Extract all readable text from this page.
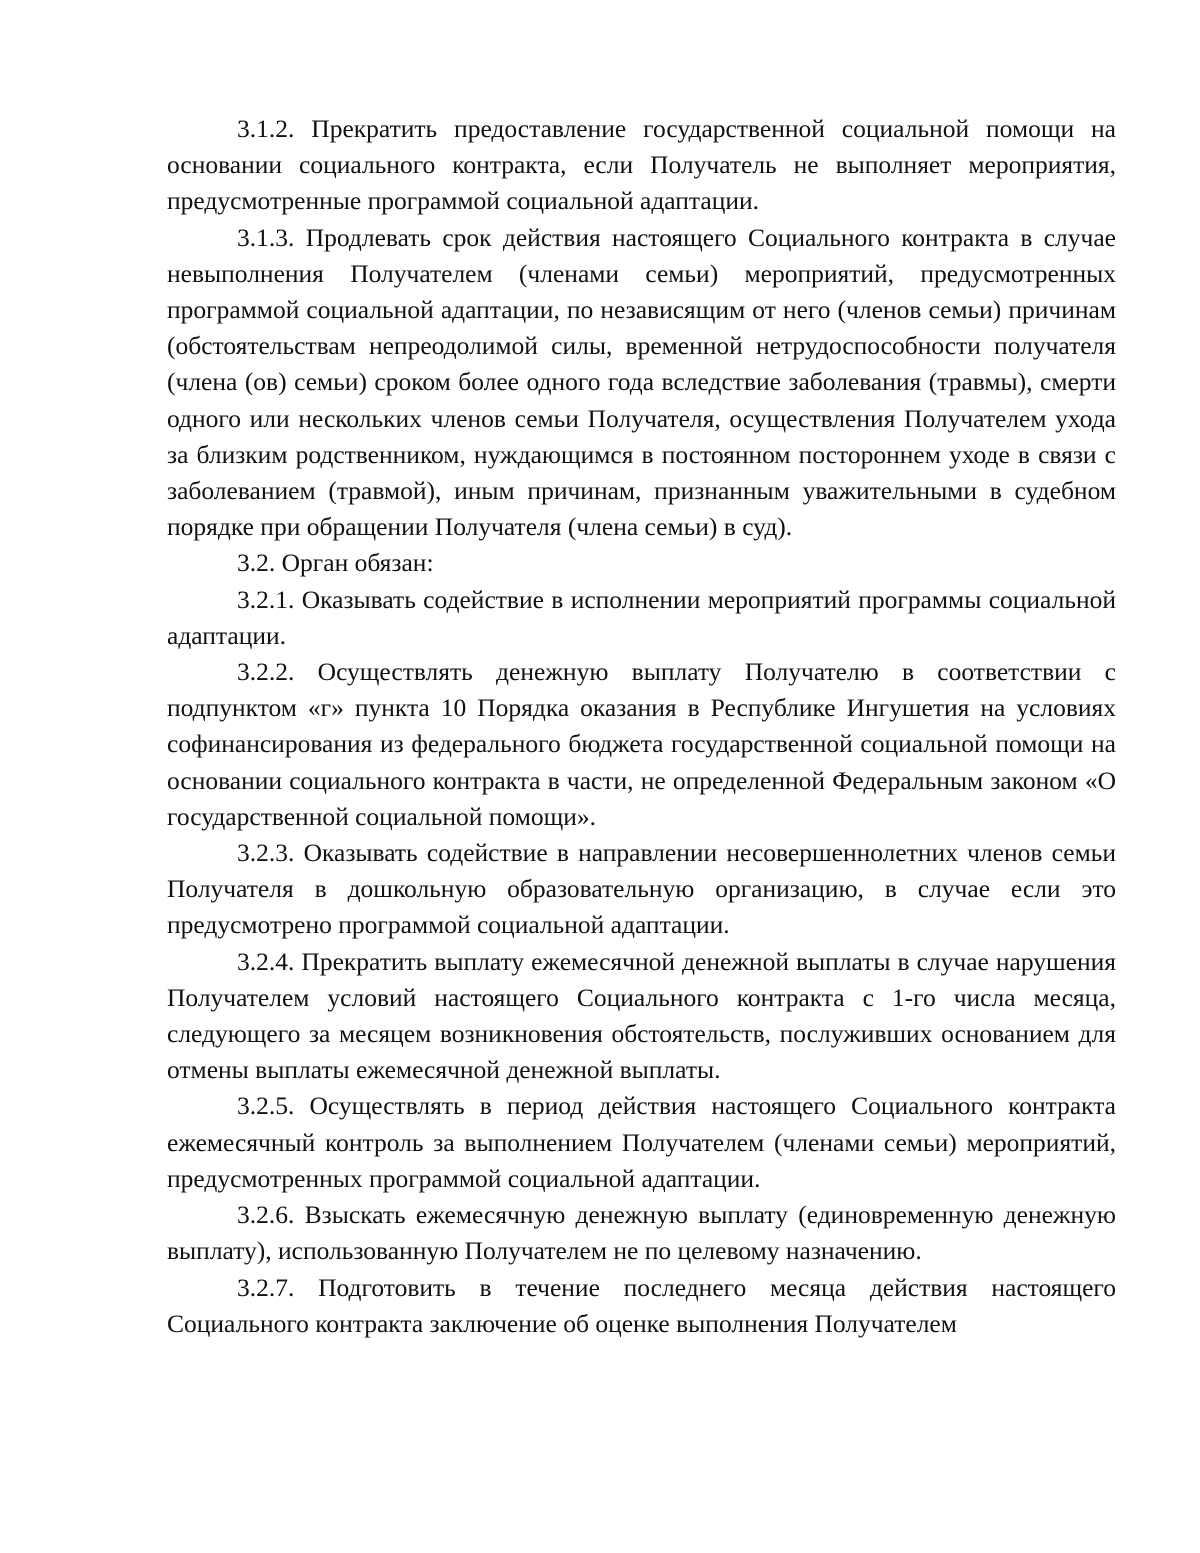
3.1.2. Прекратить предоставление государственной социальной помощи на основании социального контракта, если Получатель не выполняет мероприятия, предусмотренные программой социальной адаптации.

3.1.3. Продлевать срок действия настоящего Социального контракта в случае невыполнения Получателем (членами семьи) мероприятий, предусмотренных программой социальной адаптации, по независящим от него (членов семьи) причинам (обстоятельствам непреодолимой силы, временной нетрудоспособности получателя (члена (ов) семьи) сроком более одного года вследствие заболевания (травмы), смерти одного или нескольких членов семьи Получателя, осуществления Получателем ухода за близким родственником, нуждающимся в постоянном постороннем уходе в связи с заболеванием (травмой), иным причинам, признанным уважительными в судебном порядке при обращении Получателя (члена семьи) в суд).

3.2. Орган обязан:

3.2.1. Оказывать содействие в исполнении мероприятий программы социальной адаптации.

3.2.2. Осуществлять денежную выплату Получателю в соответствии с подпунктом «г» пункта 10 Порядка оказания в Республике Ингушетия на условиях софинансирования из федерального бюджета государственной социальной помощи на основании социального контракта в части, не определенной Федеральным законом «О государственной социальной помощи».

3.2.3. Оказывать содействие в направлении несовершеннолетних членов семьи Получателя в дошкольную образовательную организацию, в случае если это предусмотрено программой социальной адаптации.

3.2.4. Прекратить выплату ежемесячной денежной выплаты в случае нарушения Получателем условий настоящего Социального контракта с 1-го числа месяца, следующего за месяцем возникновения обстоятельств, послуживших основанием для отмены выплаты ежемесячной денежной выплаты.

3.2.5. Осуществлять в период действия настоящего Социального контракта ежемесячный контроль за выполнением Получателем (членами семьи) мероприятий, предусмотренных программой социальной адаптации.

3.2.6. Взыскать ежемесячную денежную выплату (единовременную денежную выплату), использованную Получателем не по целевому назначению.

3.2.7. Подготовить в течение последнего месяца действия настоящего Социального контракта заключение об оценке выполнения Получателем
